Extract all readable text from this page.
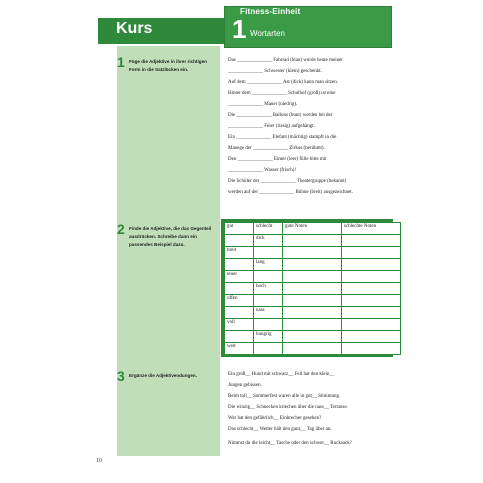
Kurs
Fitness-Einheit
1 Wortarten
1 Füge die Adjektive in ihrer richtigen Form in die Satzlücken ein.
2 Finde die Adjektive, die das Gegenteil ausdrücken. Schreibe dann ein passendes Beispiel dazu.
3 Ergänze die Adjektivendungen.
Das ______________ Fahrrad (blau) wurde heute meiner
______________ Schwester (klein) geschenkt.
Auf dem ______________ Ast (dick) kann man sitzen.
Hinter dem ______________ Schulhof (groß) ist eine
______________ Mauer (niedrig).
Die ______________ Ballons (bunt) werden bei der
______________ Feier (riesig) aufgehängt.
Ein ______________ Elefant (mächtig) stampft in die
Manege der ______________ Zirkus (berühmt).
Den ______________ Eimer (leer) fülle bitte mit
______________ Wasser (frisch)!
Die Schüler der ______________ Theatergruppe (bekannt)
werden auf der ______________ Bühne (breit) ausgezeichnet.
gut	schlecht	gute Noten	schlechte Noten
	dick		
breit			
	lang		
teuer			
	hoch		
offen			
	nass		
voll			
	hungrig		
weit			
Ein groß__ Hund mit schwarz__ Fell hat den klein__
Jungen gebissen.
Beim toll__ Sommerfest waren alle in gut__ Stimmung.
Die winzig__ Schnecken kriechen über die nass__ Terrasse.
Wer hat den gefährlich__ Einbrecher gesehen?
Das schlecht__ Wetter hält den ganz__ Tag über an.
Nimmst du die leicht__ Tasche oder den schwer__ Rucksack?
10
